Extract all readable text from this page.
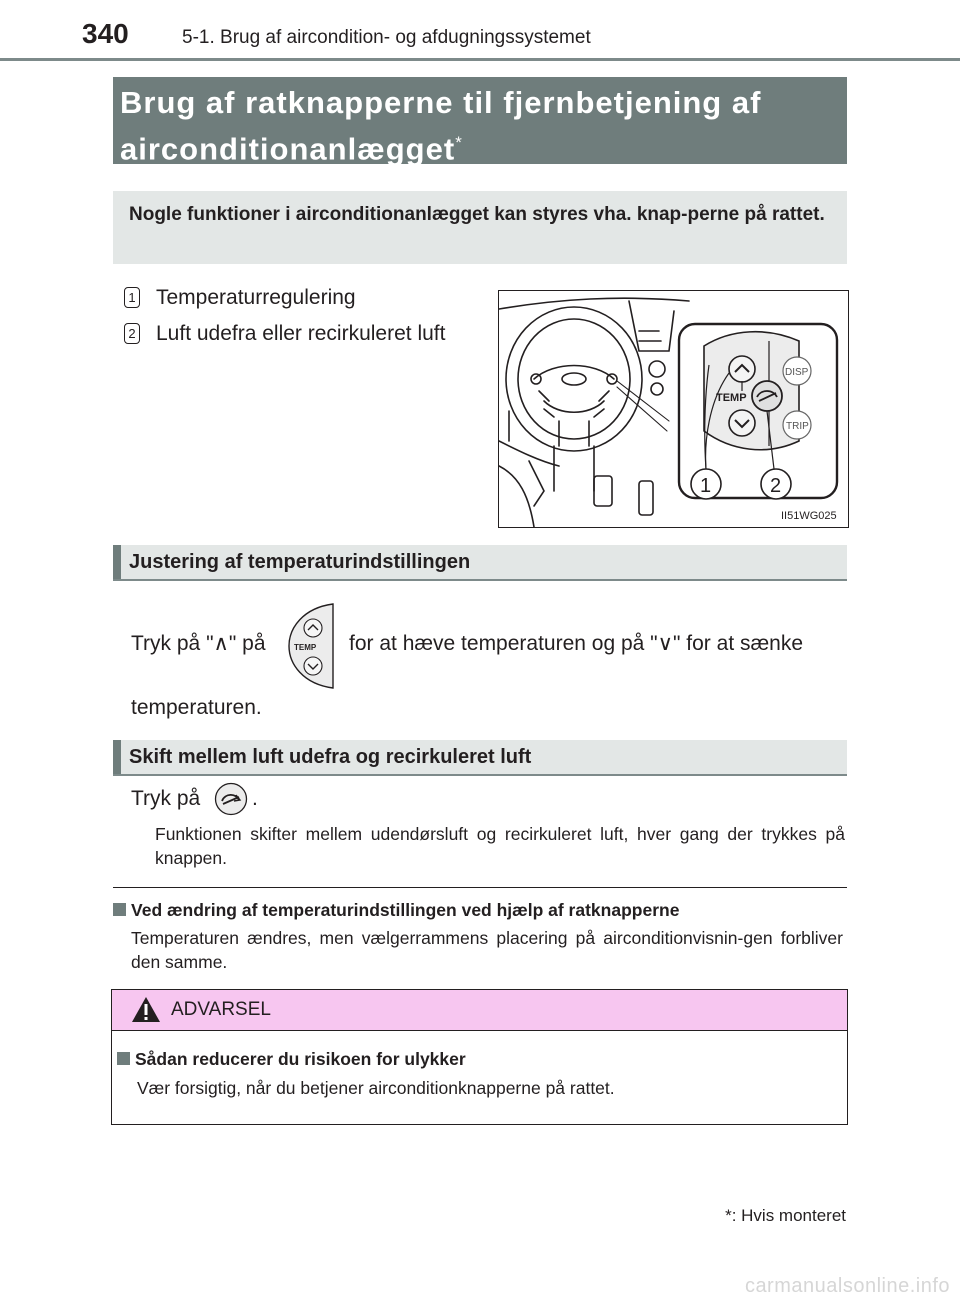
340	5-1. Brug af aircondition- og afdugningssystemet
Brug af ratknapperne til fjernbetjening af airconditionanlægget*
Nogle funktioner i airconditionanlægget kan styres vha. knap-perne på rattet.
1 Temperaturregulering
2 Luft udefra eller recirkuleret luft
TEMP
DISP
TRIP
1	2
II51WG025
Justering af temperaturindstillingen
Tryk på "∧" på	TEMP for at hæve temperaturen og på "∨" for at sænke
temperaturen.
Skift mellem luft udefra og recirkuleret luft
Tryk på .
Funktionen skifter mellem udendørsluft og recirkuleret luft, hver gang der trykkes på knappen.
Ved ændring af temperaturindstillingen ved hjælp af ratknapperne
Temperaturen ændres, men vælgerrammens placering på airconditionvisnin-gen forbliver den samme.
ADVARSEL
Sådan reducerer du risikoen for ulykker
Vær forsigtig, når du betjener airconditionknapperne på rattet.
*: Hvis monteret
carmanualsonline.info
